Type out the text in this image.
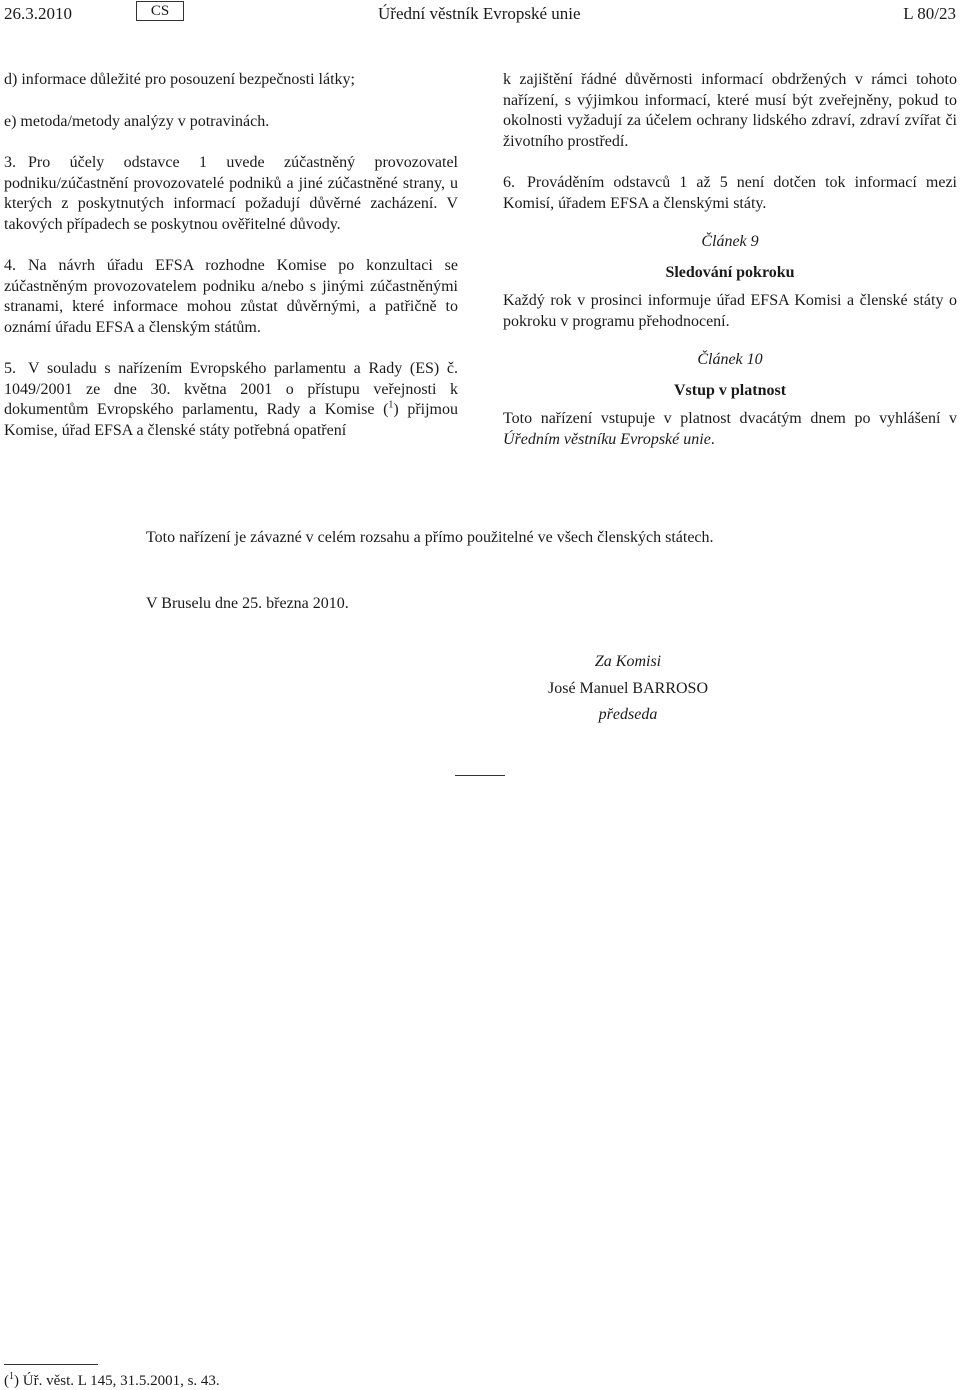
26.3.2010	CS	Úřední věstník Evropské unie	L 80/23

d) informace důležité pro posouzení bezpečnosti látky;

e) metoda/metody analýzy v potravinách.

3. Pro účely odstavce 1 uvede zúčastněný provozovatel podniku/zúčastnění provozovatelé podniků a jiné zúčastněné strany, u kterých z poskytnutých informací požadují důvěrné zacházení. V takových případech se poskytnou ověřitelné důvody.

4. Na návrh úřadu EFSA rozhodne Komise po konzultaci se zúčastněným provozovatelem podniku a/nebo s jinými zúčastněnými stranami, které informace mohou zůstat důvěrnými, a patřičně to oznámí úřadu EFSA a členským státům.

5. V souladu s nařízením Evropského parlamentu a Rady (ES) č. 1049/2001 ze dne 30. května 2001 o přístupu veřejnosti k dokumentům Evropského parlamentu, Rady a Komise ($^1$) přijmou Komise, úřad EFSA a členské státy potřebná opatření

k zajištění řádné důvěrnosti informací obdržených v rámci tohoto nařízení, s výjimkou informací, které musí být zveřejněny, pokud to okolnosti vyžadují za účelem ochrany lidského zdraví, zdraví zvířat či životního prostředí.

6. Prováděním odstavců 1 až 5 není dotčen tok informací mezi Komisí, úřadem EFSA a členskými státy.

Článek 9

Sledování pokroku

Každý rok v prosinci informuje úřad EFSA Komisi a členské státy o pokroku v programu přehodnocení.

Článek 10

Vstup v platnost

Toto nařízení vstupuje v platnost dvacátým dnem po vyhlášení v Úředním věstníku Evropské unie.

Toto nařízení je závazné v celém rozsahu a přímo použitelné ve všech členských státech.
V Bruselu dne 25. března 2010.
Za Komisi
José Manuel BARROSO
předseda
($^1$) Úř. věst. L 145, 31.5.2001, s. 43.
